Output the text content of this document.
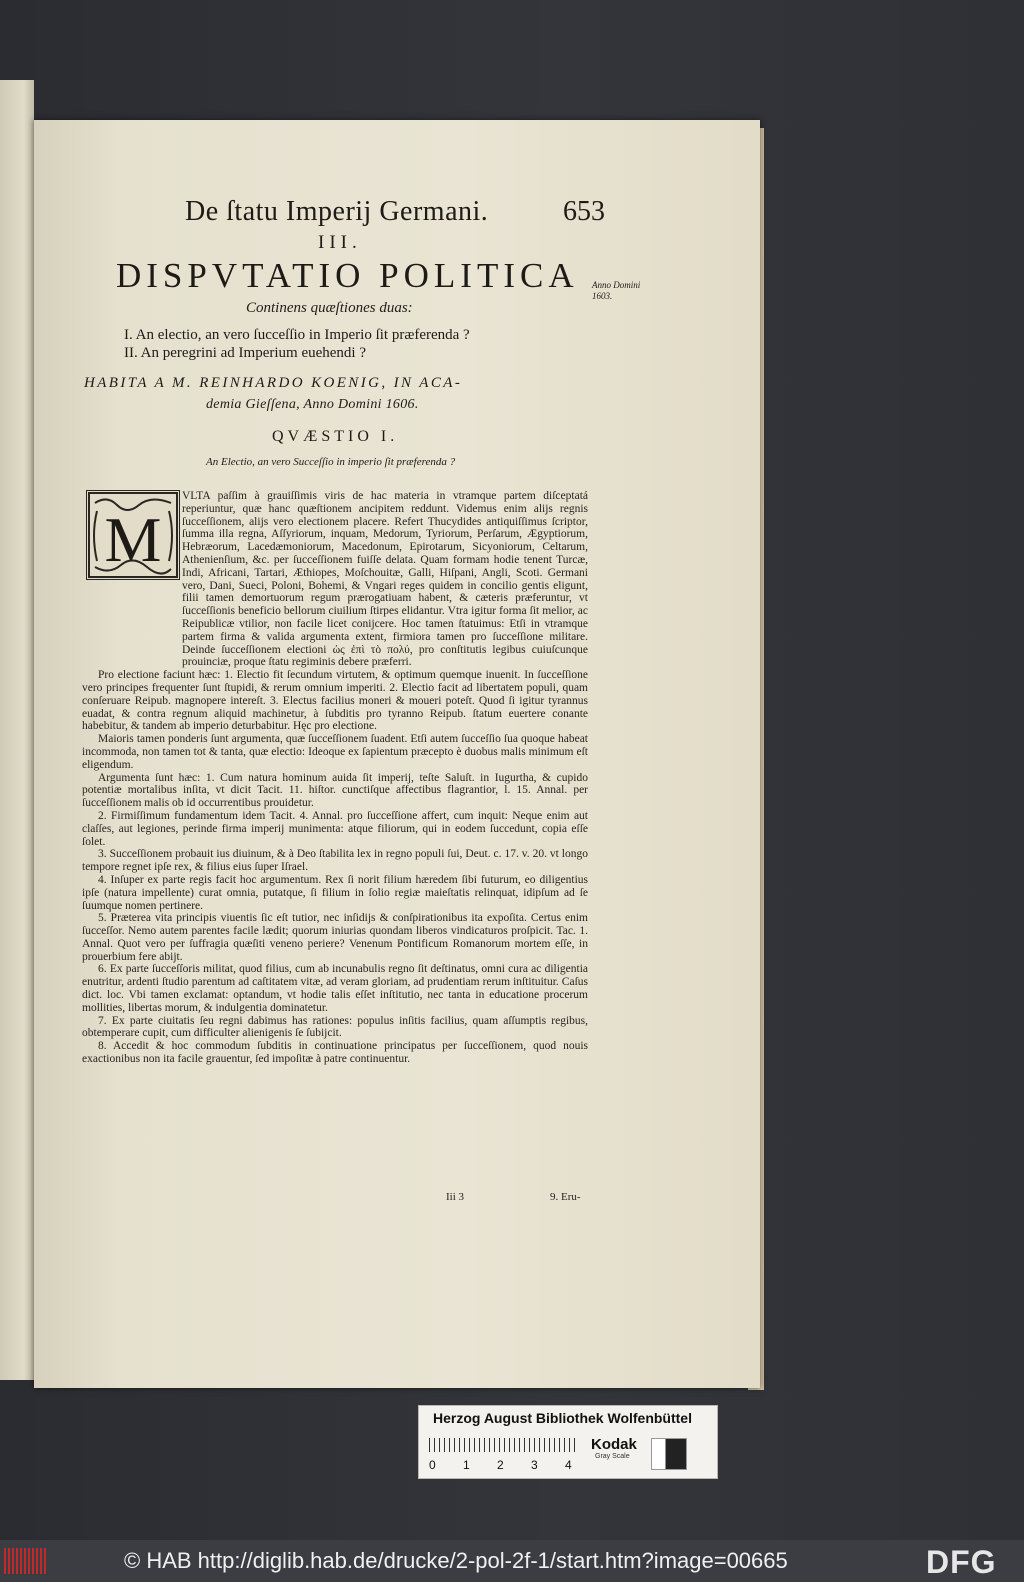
De ſtatu Imperij Germani.	653
III.
DISPVTATIO POLITICA
Continens quæſtiones duas:
I. An electio, an vero ſucceſſio in Imperio ſit præferenda ?
II. An peregrini ad Imperium euehendi ?
HABITA A M. REINHARDO KOENIG, IN ACA-
demia Gieſſena, Anno Domini 1606.
Anno Domini
1603.
QVÆSTIO I.
An Electio, an vero Succeſſio in imperio ſit præferenda ?

VLTA paſſim à grauiſſimis viris de hac materia in vtramque partem diſceptatá reperiuntur, quæ hanc quæſtionem ancipitem reddunt. Videmus enim alijs regnis ſucceſſionem, alijs vero electionem placere. Refert Thucydides antiquiſſimus ſcriptor, ſumma illa regna, Aſſyriorum, inquam, Medorum, Tyriorum, Perſarum, Ægyptiorum, Hebræorum, Lacedæmoniorum, Macedonum, Epirotarum, Sicyoniorum, Celtarum, Athenienſium, &c. per ſucceſſionem fuiſſe delata. Quam formam hodie tenent Turcæ, Indi, Africani, Tartari, Æthiopes, Moſchouitæ, Galli, Hiſpani, Angli, Scoti. Germani vero, Dani, Sueci, Poloni, Bohemi, & Vngari reges quidem in concilio gentis eligunt, filii tamen demortuorum regum prærogatiuam habent, & cæteris præferuntur, vt ſucceſſionis beneficio bellorum ciuilium ſtirpes elidantur. Vtra igitur forma ſit melior, ac Reipublicæ vtilior, non facile licet conijcere. Hoc tamen ſtatuimus: Etſi in vtramque partem firma & valida argumenta extent, firmiora tamen pro ſucceſſione militare. Deinde ſucceſſionem electioni ὡς ἐπὶ τὸ πολύ, pro conſtitutis legibus cuiuſcunque prouinciæ, proque ſtatu regiminis debere præferri.

Pro electione faciunt hæc: 1. Electio fit ſecundum virtutem, & optimum quemque inuenit. In ſucceſſione vero principes frequenter ſunt ſtupidi, & rerum omnium imperiti. 2. Electio facit ad libertatem populi, quam conſeruare Reipub. magnopere intereſt. 3. Electus facilius moneri & moueri poteſt. Quod ſi igitur tyrannus euadat, & contra regnum aliquid machinetur, à ſubditis pro tyranno Reipub. ſtatum euertere conante habebitur, & tandem ab imperio deturbabitur. Hęc pro electione.

Maioris tamen ponderis ſunt argumenta, quæ ſucceſſionem ſuadent. Etſi autem ſucceſſio ſua quoque habeat incommoda, non tamen tot & tanta, quæ electio: Ideoque ex ſapientum præcepto è duobus malis minimum eſt eligendum.

Argumenta ſunt hæc: 1. Cum natura hominum auida ſit imperij, teſte Saluſt. in Iugurtha, & cupido potentiæ mortalibus inſita, vt dicit Tacit. 11. hiſtor. cunctiſque affectibus flagrantior, l. 15. Annal. per ſucceſſionem malis ob id occurrentibus prouidetur.

2. Firmiſſimum fundamentum idem Tacit. 4. Annal. pro ſucceſſione affert, cum inquit: Neque enim aut claſſes, aut legiones, perinde firma imperij munimenta: atque filiorum, qui in eodem ſuccedunt, copia eſſe ſolet.

3. Succeſſionem probauit ius diuinum, & à Deo ſtabilita lex in regno populi ſui, Deut. c. 17. v. 20. vt longo tempore regnet ipſe rex, & filius eius ſuper Iſrael.

4. Inſuper ex parte regis facit hoc argumentum. Rex ſi norit filium hæredem ſibi futurum, eo diligentius ipſe (natura impellente) curat omnia, putatque, ſi filium in ſolio regiæ maieſtatis relinquat, idipſum ad ſe ſuumque nomen pertinere.

5. Præterea vita principis viuentis ſic eſt tutior, nec inſidijs & conſpirationibus ita expoſita. Certus enim ſucceſſor. Nemo autem parentes facile lædit; quorum iniurias quondam liberos vindicaturos proſpicit. Tac. 1. Annal. Quot vero per ſuffragia quæſiti veneno periere? Venenum Pontificum Romanorum mortem eſſe, in prouerbium fere abijt.

6. Ex parte ſucceſſoris militat, quod filius, cum ab incunabulis regno ſit deſtinatus, omni cura ac diligentia enutritur, ardenti ſtudio parentum ad caſtitatem vitæ, ad veram gloriam, ad prudentiam rerum inſtituitur. Caſus dict. loc. Vbi tamen exclamat: optandum, vt hodie talis eſſet inſtitutio, nec tanta in educatione procerum mollities, libertas morum, & indulgentia dominatetur.

7. Ex parte ciuitatis ſeu regni dabimus has rationes: populus inſitis facilius, quam aſſumptis regibus, obtemperare cupit, cum difficulter alienigenis ſe ſubijcit.

8. Accedit & hoc commodum ſubditis in continuatione principatus per ſucceſſionem, quod nouis exactionibus non ita facile grauentur, ſed impoſitæ à patre continuentur.

M
Iii 3	9. Eru-
Herzog August Bibliothek Wolfenbüttel
0 1 2 3 4
Kodak
Gray Scale
© HAB http://diglib.hab.de/drucke/2-pol-2f-1/start.htm?image=00665	DFG
